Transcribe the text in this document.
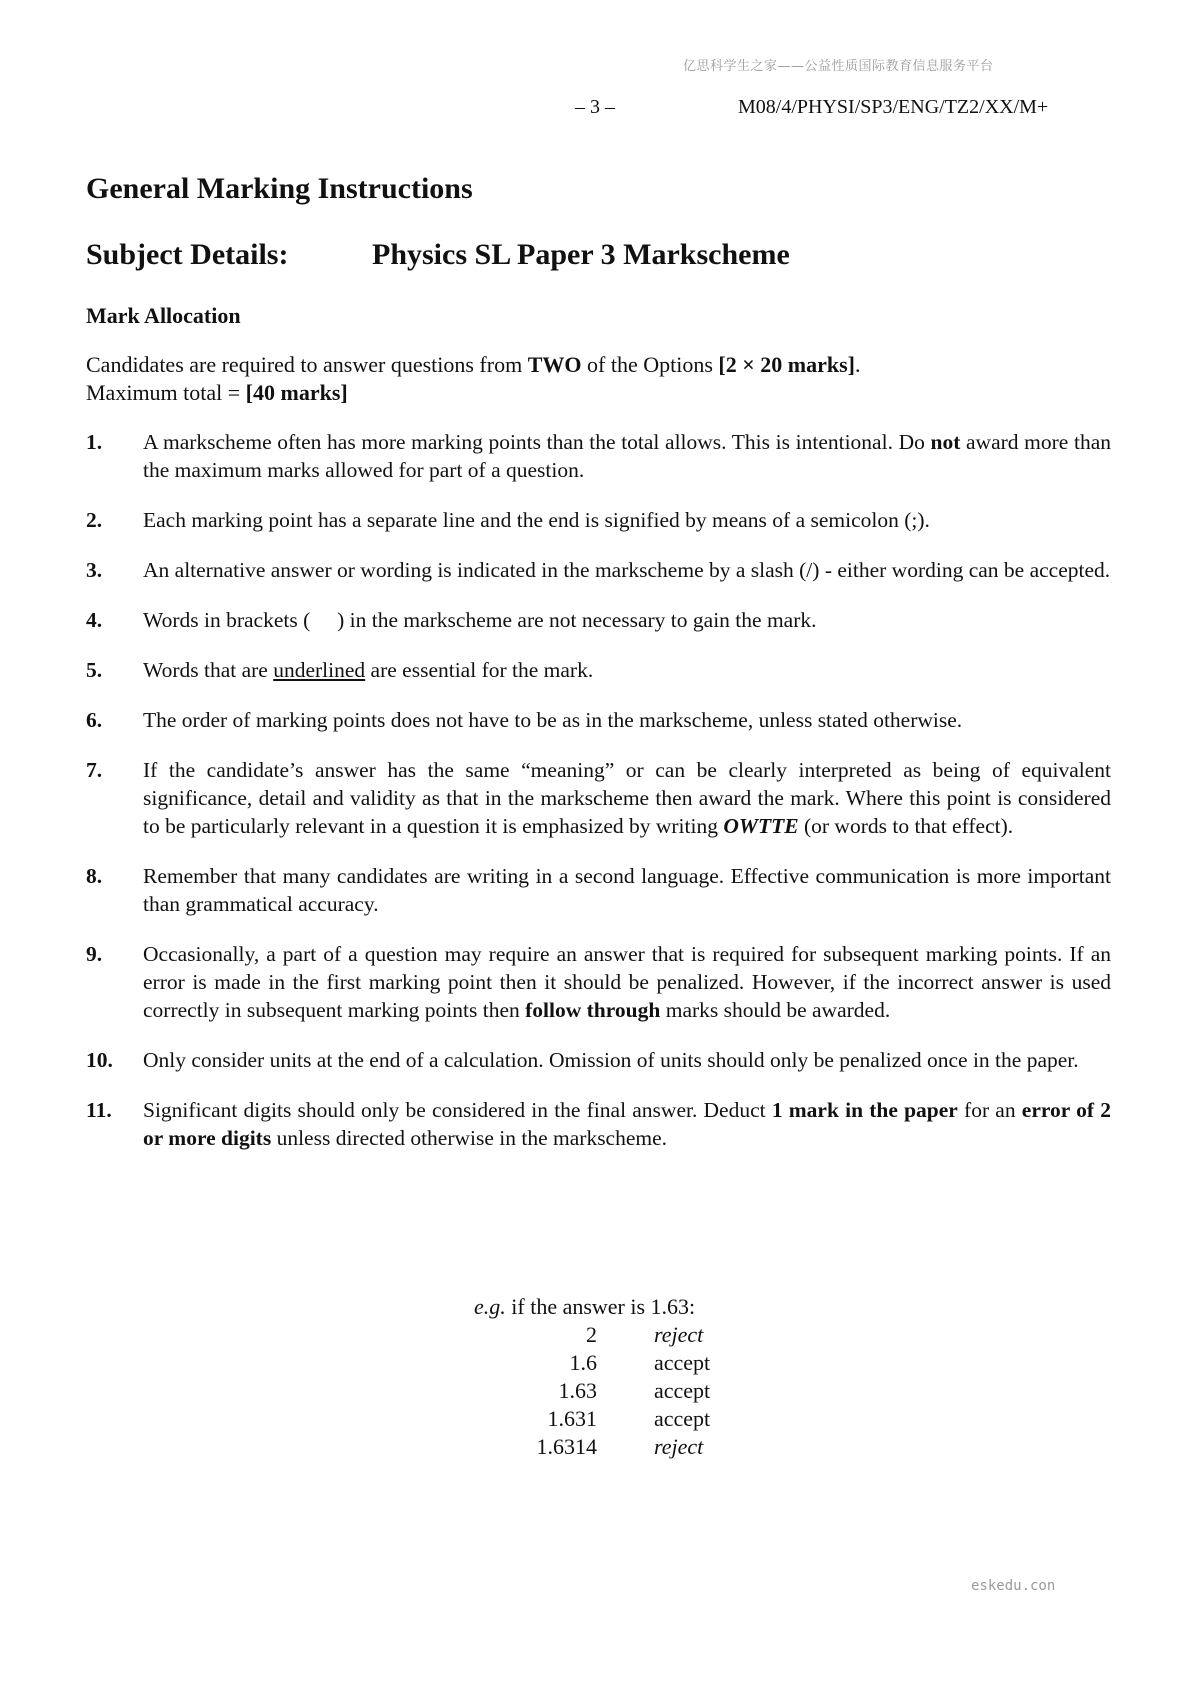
亿思科学生之家——公益性质国际教育信息服务平台
– 3 –	M08/4/PHYSI/SP3/ENG/TZ2/XX/M+
General Marking Instructions
Subject Details:	Physics SL Paper 3 Markscheme
Mark Allocation

Candidates are required to answer questions from TWO of the Options [2 × 20 marks].

Maximum total = [40 marks]

1.	A markscheme often has more marking points than the total allows. This is intentional. Do not award more than the maximum marks allowed for part of a question.
2.	Each marking point has a separate line and the end is signified by means of a semicolon (;).
3.	An alternative answer or wording is indicated in the markscheme by a slash (/) - either wording can be accepted.
4.	Words in brackets (     ) in the markscheme are not necessary to gain the mark.
5.	Words that are underlined are essential for the mark.
6.	The order of marking points does not have to be as in the markscheme, unless stated otherwise.
7.	If the candidate’s answer has the same “meaning” or can be clearly interpreted as being of equivalent significance, detail and validity as that in the markscheme then award the mark. Where this point is considered to be particularly relevant in a question it is emphasized by writing OWTTE (or words to that effect).
8.	Remember that many candidates are writing in a second language. Effective communication is more important than grammatical accuracy.
9.	Occasionally, a part of a question may require an answer that is required for subsequent marking points. If an error is made in the first marking point then it should be penalized. However, if the incorrect answer is used correctly in subsequent marking points then follow through marks should be awarded.
10.	Only consider units at the end of a calculation. Omission of units should only be penalized once in the paper.
11.	Significant digits should only be considered in the final answer. Deduct 1 mark in the paper for an error of 2 or more digits unless directed otherwise in the markscheme.

e.g. if the answer is 1.63:

2	reject
1.6	accept
1.63	accept
1.631	accept
1.6314	reject
eskedu.con
